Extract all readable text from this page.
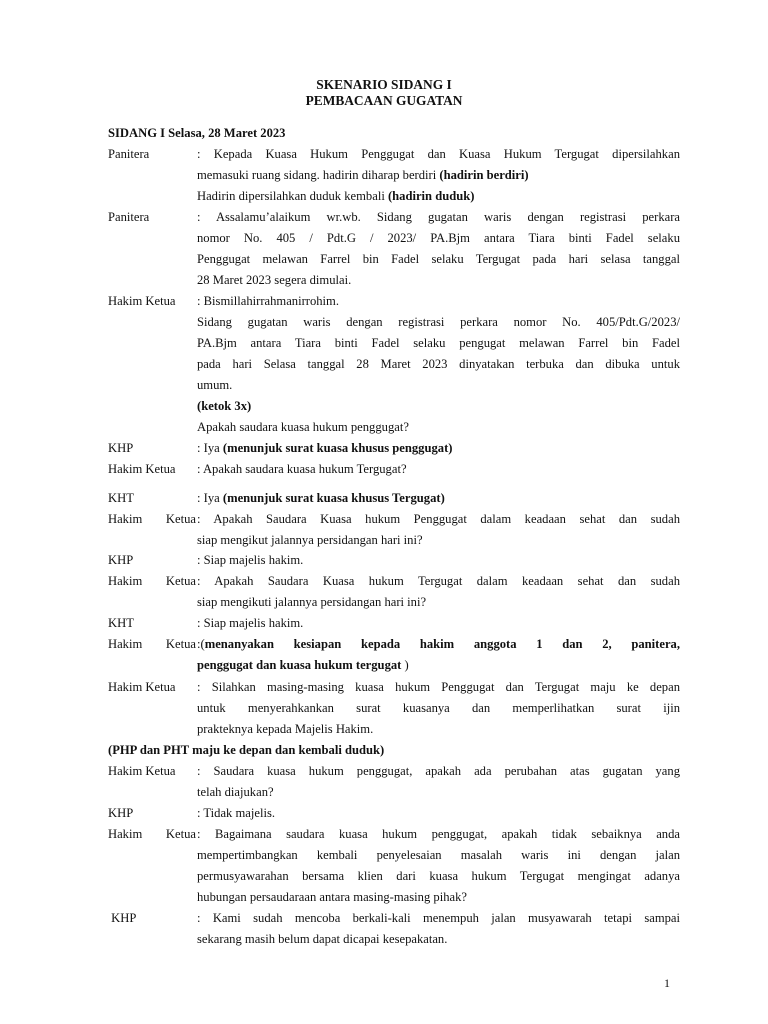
SKENARIO SIDANG I
PEMBACAAN GUGATAN
SIDANG I Selasa, 28 Maret 2023
Panitera	: Kepada Kuasa Hukum Penggugat dan Kuasa Hukum Tergugat dipersilahkan
memasuki ruang sidang. hadirin diharap berdiri (hadirin berdiri)
Hadirin dipersilahkan duduk kembali (hadirin duduk)
Panitera	: Assalamu’alaikum wr.wb. Sidang gugatan waris dengan registrasi perkara
nomor No. 405 / Pdt.G / 2023/ PA.Bjm antara Tiara binti Fadel selaku
Penggugat melawan Farrel bin Fadel selaku Tergugat pada hari selasa tanggal
28 Maret 2023 segera dimulai.
Hakim Ketua	: Bismillahirrahmanirrohim.
Sidang gugatan waris dengan registrasi perkara nomor No. 405/Pdt.G/2023/
PA.Bjm antara Tiara binti Fadel selaku pengugat melawan Farrel bin Fadel
pada hari Selasa tanggal 28 Maret 2023 dinyatakan terbuka dan dibuka untuk
umum.
(ketok 3x)
Apakah saudara kuasa hukum penggugat?
KHP	: Iya (menunjuk surat kuasa khusus penggugat)
Hakim Ketua	: Apakah saudara kuasa hukum Tergugat?
KHT	: Iya (menunjuk surat kuasa khusus Tergugat)
Hakim Ketua : Apakah Saudara Kuasa hukum Penggugat dalam keadaan sehat dan sudah
siap mengikut jalannya persidangan hari ini?
KHP	: Siap majelis hakim.
Hakim Ketua : Apakah Saudara Kuasa hukum Tergugat dalam keadaan sehat dan sudah
siap mengikuti jalannya persidangan hari ini?
KHT	: Siap majelis hakim.
Hakim Ketua :(menanyakan kesiapan kepada hakim anggota 1 dan 2, panitera,
penggugat dan kuasa hukum tergugat )
Hakim Ketua	: Silahkan masing-masing kuasa hukum Penggugat dan Tergugat maju ke depan
untuk menyerahkankan surat kuasanya dan memperlihatkan surat ijin
prakteknya kepada Majelis Hakim.
(PHP dan PHT maju ke depan dan kembali duduk)
Hakim Ketua	: Saudara kuasa hukum penggugat, apakah ada perubahan atas gugatan yang
telah diajukan?
KHP	: Tidak majelis.
Hakim Ketua : Bagaimana saudara kuasa hukum penggugat, apakah tidak sebaiknya anda
mempertimbangkan kembali penyelesaian masalah waris ini dengan jalan
permusyawarahan bersama klien dari kuasa hukum Tergugat mengingat adanya
hubungan persaudaraan antara masing-masing pihak?
KHP	: Kami sudah mencoba berkali-kali menempuh jalan musyawarah tetapi sampai
sekarang masih belum dapat dicapai kesepakatan.
1
